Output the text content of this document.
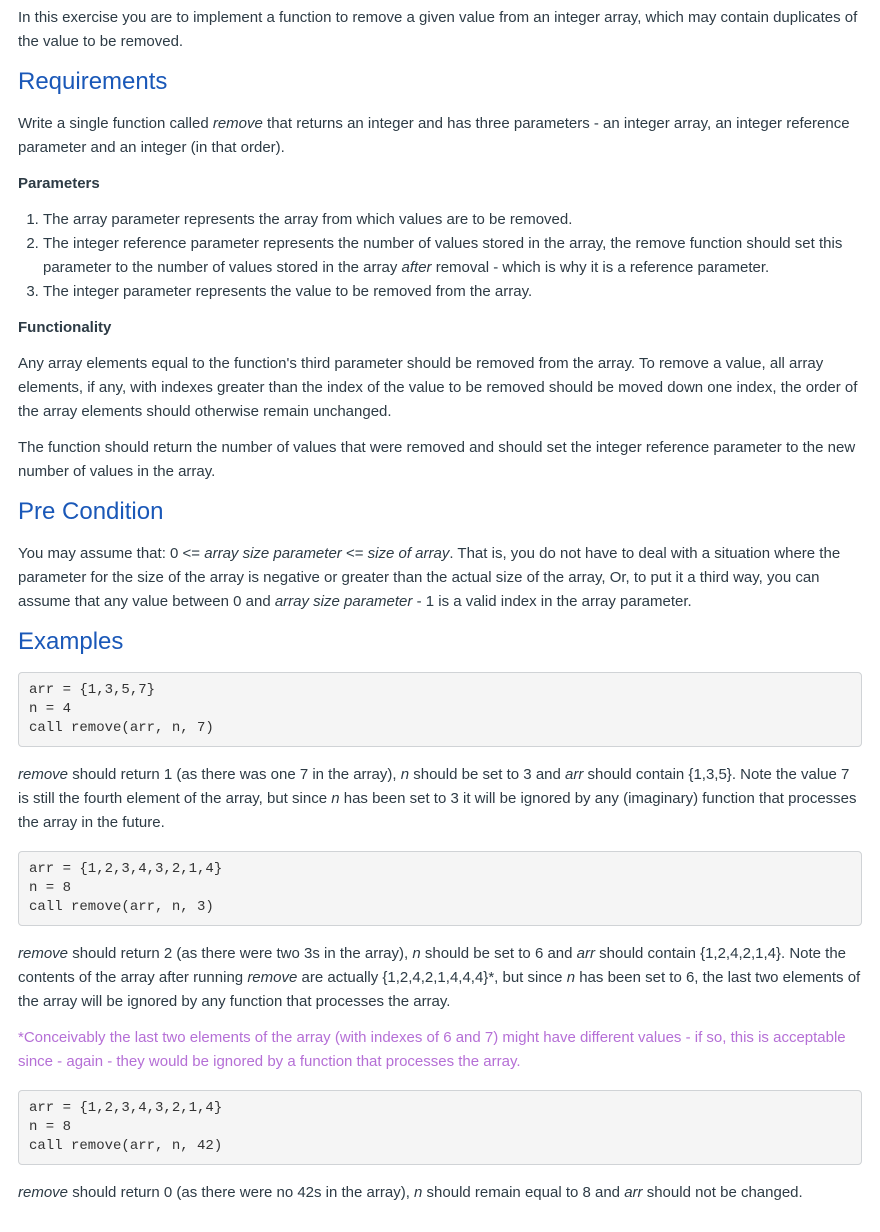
In this exercise you are to implement a function to remove a given value from an integer array, which may contain duplicates of the value to be removed.

Requirements

Write a single function called remove that returns an integer and has three parameters - an integer array, an integer reference parameter and an integer (in that order).

Parameters
1. The array parameter represents the array from which values are to be removed.
2. The integer reference parameter represents the number of values stored in the array, the remove function should set this parameter to the number of values stored in the array after removal - which is why it is a reference parameter.
3. The integer parameter represents the value to be removed from the array.
Functionality

Any array elements equal to the function's third parameter should be removed from the array. To remove a value, all array elements, if any, with indexes greater than the index of the value to be removed should be moved down one index, the order of the array elements should otherwise remain unchanged.

The function should return the number of values that were removed and should set the integer reference parameter to the new number of values in the array.

Pre Condition

You may assume that: 0 <= array size parameter <= size of array. That is, you do not have to deal with a situation where the parameter for the size of the array is negative or greater than the actual size of the array, Or, to put it a third way, you can assume that any value between 0 and array size parameter - 1 is a valid index in the array parameter.

Examples
arr = {1,3,5,7}
n = 4
call remove(arr, n, 7)

remove should return 1 (as there was one 7 in the array), n should be set to 3 and arr should contain {1,3,5}. Note the value 7 is still the fourth element of the array, but since n has been set to 3 it will be ignored by any (imaginary) function that processes the array in the future.

arr = {1,2,3,4,3,2,1,4}
n = 8
call remove(arr, n, 3)

remove should return 2 (as there were two 3s in the array), n should be set to 6 and arr should contain {1,2,4,2,1,4}. Note the contents of the array after running remove are actually {1,2,4,2,1,4,4,4}*, but since n has been set to 6, the last two elements of the array will be ignored by any function that processes the array.

*Conceivably the last two elements of the array (with indexes of 6 and 7) might have different values - if so, this is acceptable since - again - they would be ignored by a function that processes the array.

arr = {1,2,3,4,3,2,1,4}
n = 8
call remove(arr, n, 42)

remove should return 0 (as there were no 42s in the array), n should remain equal to 8 and arr should not be changed.
